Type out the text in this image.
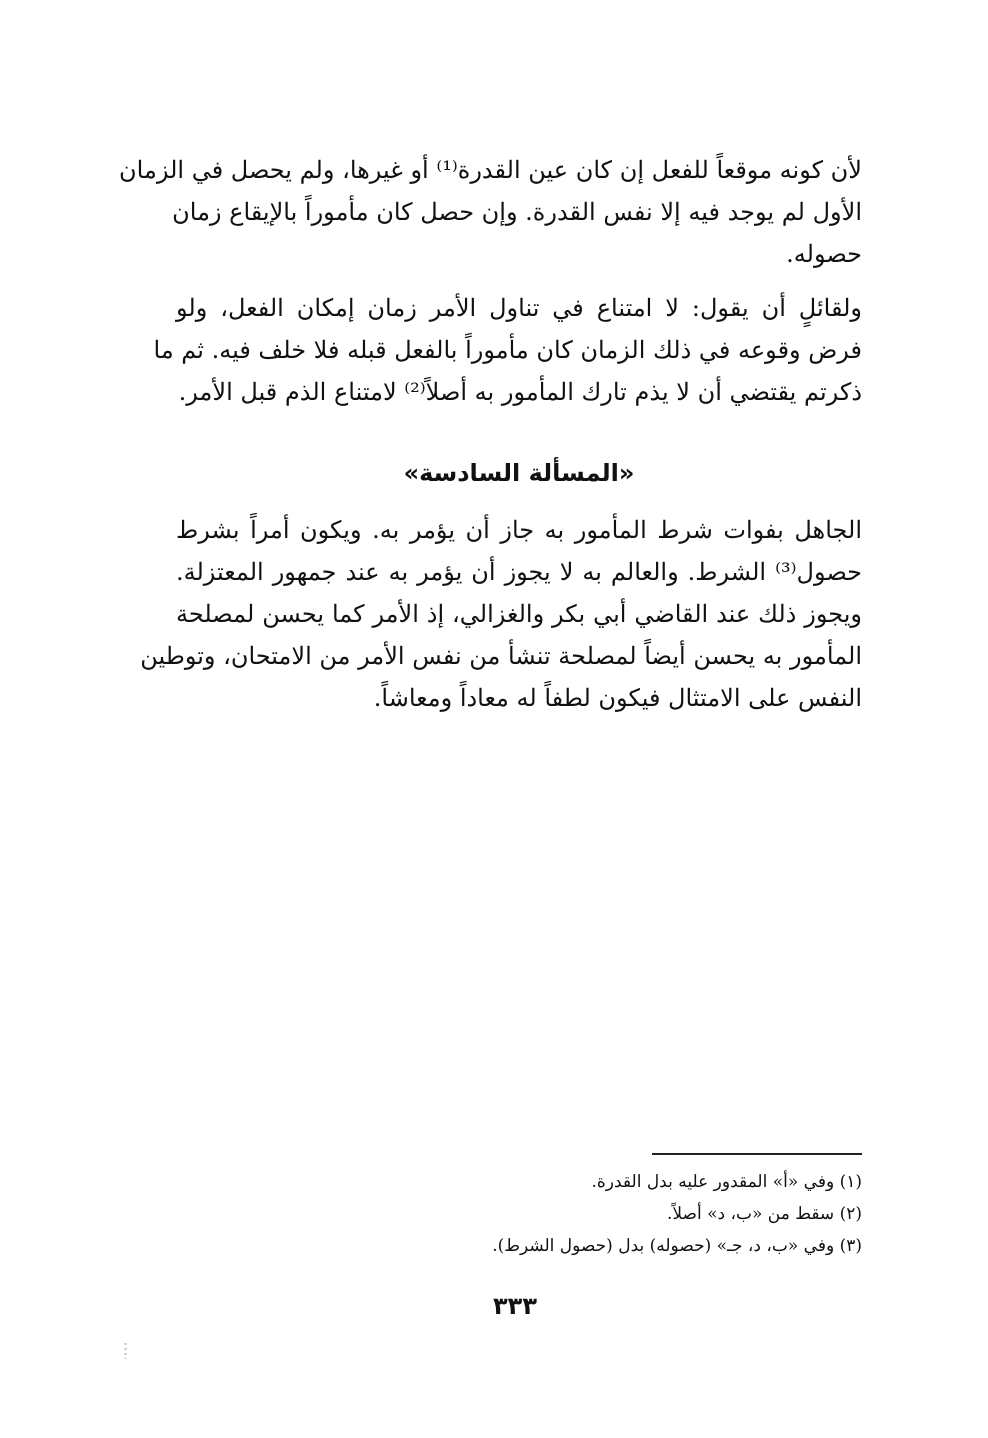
لأن كونه موقعاً للفعل إن كان عين القدرة⁽¹⁾ أو غيرها، ولم يحصل في الزمان
الأول لم يوجد فيه إلا نفس القدرة. وإن حصل كان مأموراً بالإيقاع زمان
حصوله.
ولقائلٍ أن يقول: لا امتناع في تناول الأمر زمان إمكان الفعل، ولو
فرض وقوعه في ذلك الزمان كان مأموراً بالفعل قبله فلا خلف فيه. ثم ما
ذكرتم يقتضي أن لا يذم تارك المأمور به أصلاً⁽²⁾ لامتناع الذم قبل الأمر.
«المسألة السادسة»
الجاهل بفوات شرط المأمور به جاز أن يؤمر به. ويكون أمراً بشرط
حصول⁽³⁾ الشرط. والعالم به لا يجوز أن يؤمر به عند جمهور المعتزلة.
ويجوز ذلك عند القاضي أبي بكر والغزالي، إذ الأمر كما يحسن لمصلحة
المأمور به يحسن أيضاً لمصلحة تنشأ من نفس الأمر من الامتحان، وتوطين
النفس على الامتثال فيكون لطفاً له معاداً ومعاشاً.
(١) وفي «أ» المقدور عليه بدل القدرة.
(٢) سقط من «ب، د» أصلاً.
(٣) وفي «ب، د، جـ» (حصوله) بدل (حصول الشرط).
٣٣٣
